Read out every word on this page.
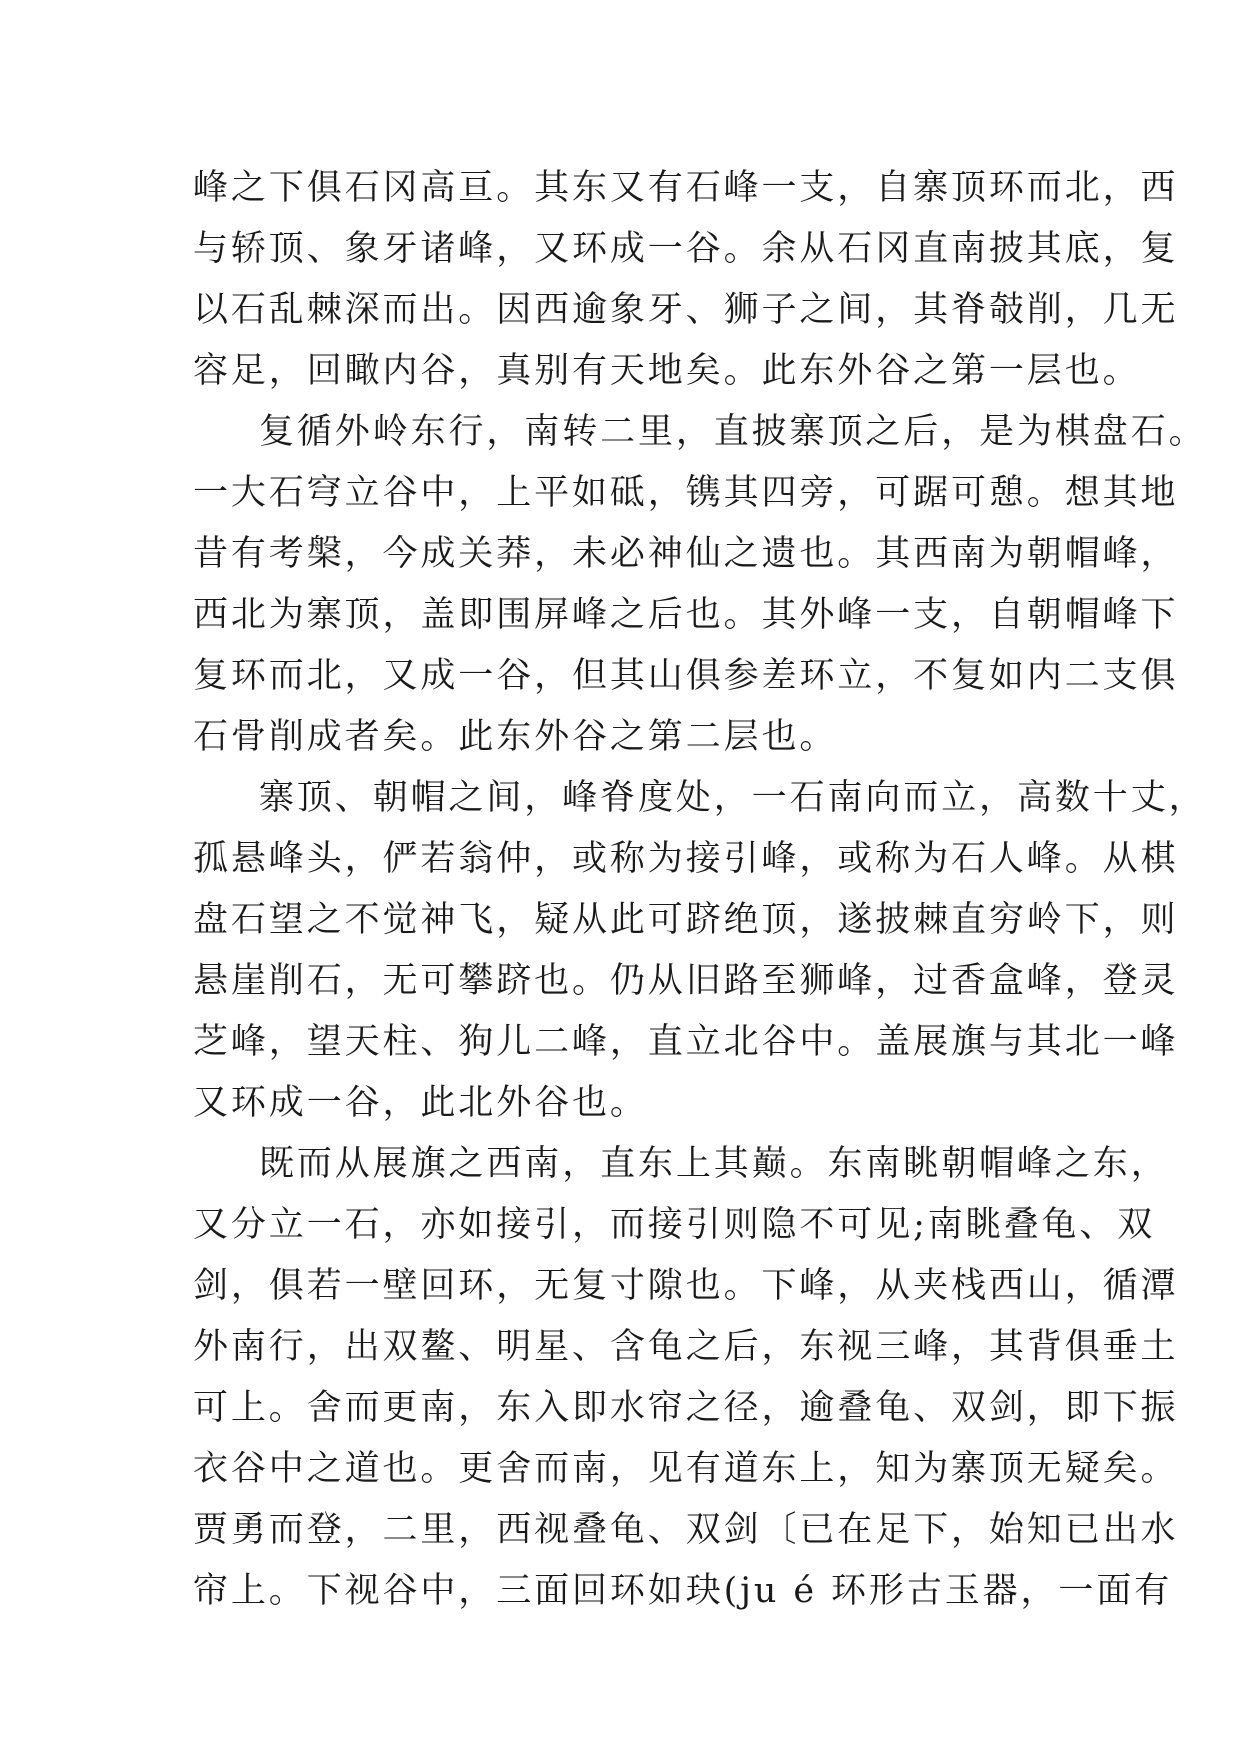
峰之下俱石冈高亘。其东又有石峰一支，自寨顶环而北，西
与轿顶、象牙诸峰，又环成一谷。余从石冈直南披其底，复
以石乱棘深而出。因西逾象牙、狮子之间，其脊攲削，几无
容足，回瞰内谷，真别有天地矣。此东外谷之第一层也。
复循外岭东行，南转二里，直披寨顶之后，是为棋盘石。
一大石穹立谷中，上平如砥，镌其四旁，可踞可憩。想其地
昔有考槃，今成关莽，未必神仙之遗也。其西南为朝帽峰，
西北为寨顶，盖即围屏峰之后也。其外峰一支，自朝帽峰下
复环而北，又成一谷，但其山俱参差环立，不复如内二支俱
石骨削成者矣。此东外谷之第二层也。
寨顶、朝帽之间，峰脊度处，一石南向而立，高数十丈，
孤悬峰头，俨若翁仲，或称为接引峰，或称为石人峰。从棋
盘石望之不觉神飞，疑从此可跻绝顶，遂披棘直穷岭下，则
悬崖削石，无可攀跻也。仍从旧路至狮峰，过香盒峰，登灵
芝峰，望天柱、狗儿二峰，直立北谷中。盖展旗与其北一峰
又环成一谷，此北外谷也。
既而从展旗之西南，直东上其巅。东南眺朝帽峰之东，
又分立一石，亦如接引，而接引则隐不可见;南眺叠龟、双
剑，俱若一壁回环，无复寸隙也。下峰，从夹栈西山，循潭
外南行，出双鳌、明星、含龟之后，东视三峰，其背俱垂土
可上。舍而更南，东入即水帘之径，逾叠龟、双剑，即下振
衣谷中之道也。更舍而南，见有道东上，知为寨顶无疑矣。
贾勇而登，二里，西视叠龟、双剑〔已在足下，始知已出水
帘上。下视谷中，三面回环如玦(ju é 环形古玉器，一面有
